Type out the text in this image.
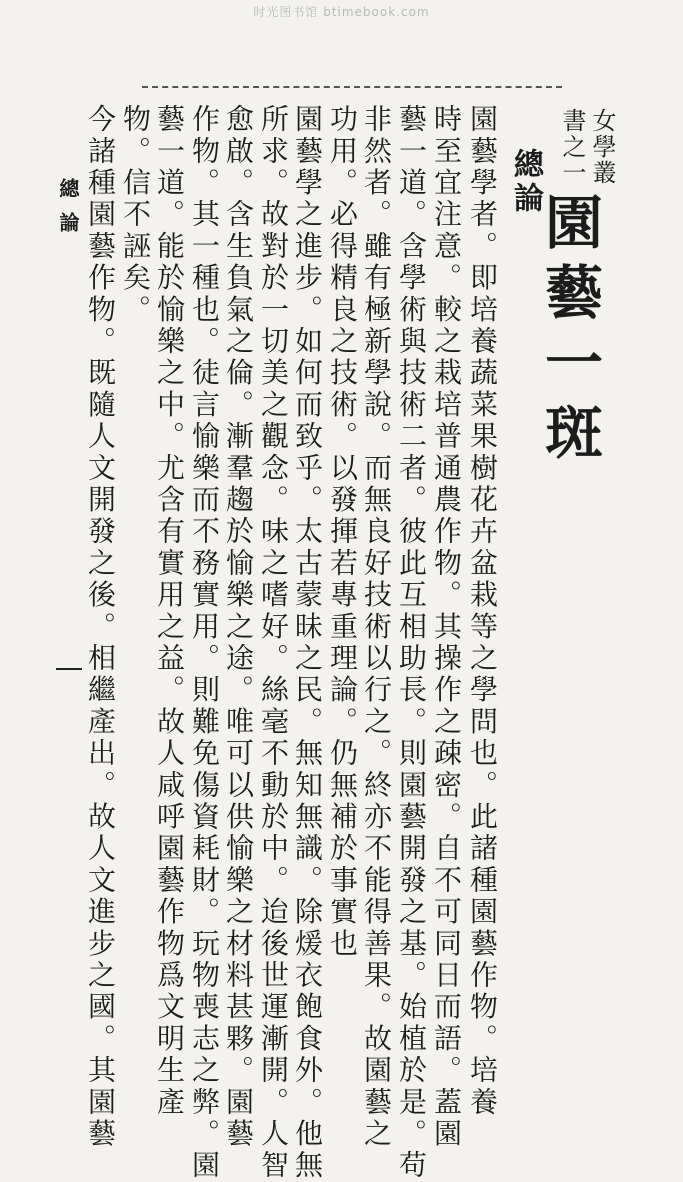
时光图书馆 btimebook.com
女學叢
書之一
園藝一斑
總論
園藝學者。即培養蔬菜果樹花卉盆栽等之學問也。此諸種園藝作物。培養
時至宜注意。較之栽培普通農作物。其操作之疎密。自不可同日而語。蓋園
藝一道。含學術與技術二者。彼此互相助長。則園藝開發之基。始植於是。苟
非然者。雖有極新學說。而無良好技術以行之。終亦不能得善果。故園藝之
功用。必得精良之技術。以發揮若專重理論。仍無補於事實也
園藝學之進步。如何而致乎。太古蒙昧之民。無知無識。除煖衣飽食外。他無
所求。故對於一切美之觀念。味之嗜好。絲毫不動於中。迨後世運漸開。人智
愈啟。含生負氣之倫。漸羣趨於愉樂之途。唯可以供愉樂之材料甚夥。園藝
作物。其一種也。徒言愉樂而不務實用。則難免傷資耗財。玩物喪志之弊。園
藝一道。能於愉樂之中。尤含有實用之益。故人咸呼園藝作物爲文明生產
物。信不誣矣。
今諸種園藝作物。既隨人文開發之後。相繼產出。故人文進步之國。其園藝
總論
